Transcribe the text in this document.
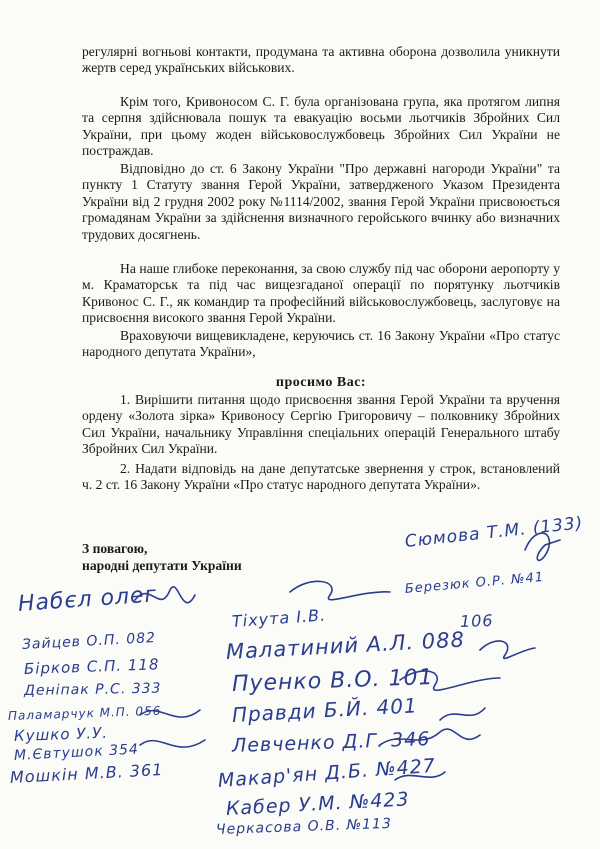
регулярні вогньові контакти, продумана та активна оборона дозволила уникнути жертв серед українських військових.

Крім того, Кривоносом С. Г. була організована група, яка протягом липня та серпня здійснювала пошук та евакуацію восьми льотчиків Збройних Сил України, при цьому жоден військовослужбовець Збройних Сил України не постраждав.

Відповідно до ст. 6 Закону України "Про державні нагороди України" та пункту 1 Статуту звання Герой України, затвердженого Указом Президента України від 2 грудня 2002 року №1114/2002, звання Герой України присвоюється громадянам України за здійснення визначного геройського вчинку або визначних трудових досягнень.

На наше глибоке переконання, за свою службу під час оборони аеропорту у м. Краматорськ та під час вищезгаданої операції по порятунку льотчиків Кривонос С. Г., як командир та професійний військовослужбовець, заслуговує на присвоєння високого звання Герой України.

Враховуючи вищевикладене, керуючись ст. 16 Закону України «Про статус народного депутата України»,

просимо Вас:

1. Вирішити питання щодо присвоєння звання Герой України та вручення ордену «Золота зірка» Кривоносу Сергію Григоровичу – полковнику Збройних Сил України, начальнику Управління спеціальних операцій Генерального штабу Збройних Сил України.

2. Надати відповідь на дане депутатське звернення у строк, встановлений ч. 2 ст. 16 Закону України «Про статус народного депутата України».

З повагою,
народні депутати України
Сюмова Т.М. (133)
Набєл олег	Березюк О.Р. №41
Тіхута І.В.	106
Зайцев О.П. 082	Малатиний А.Л. 088
Бірков С.П. 118	Пуенко В.О. 101
Деніпак Р.С. 333
Правди Б.Й. 401
Паламарчук М.П. 056
Кушко У.У.	Левченко Д.Г. 346
М.Євтушок 354
Мошкін М.В. 361	Макар'ян Д.Б. №427
Кабер У.М. №423
Черкасова О.В. №113
